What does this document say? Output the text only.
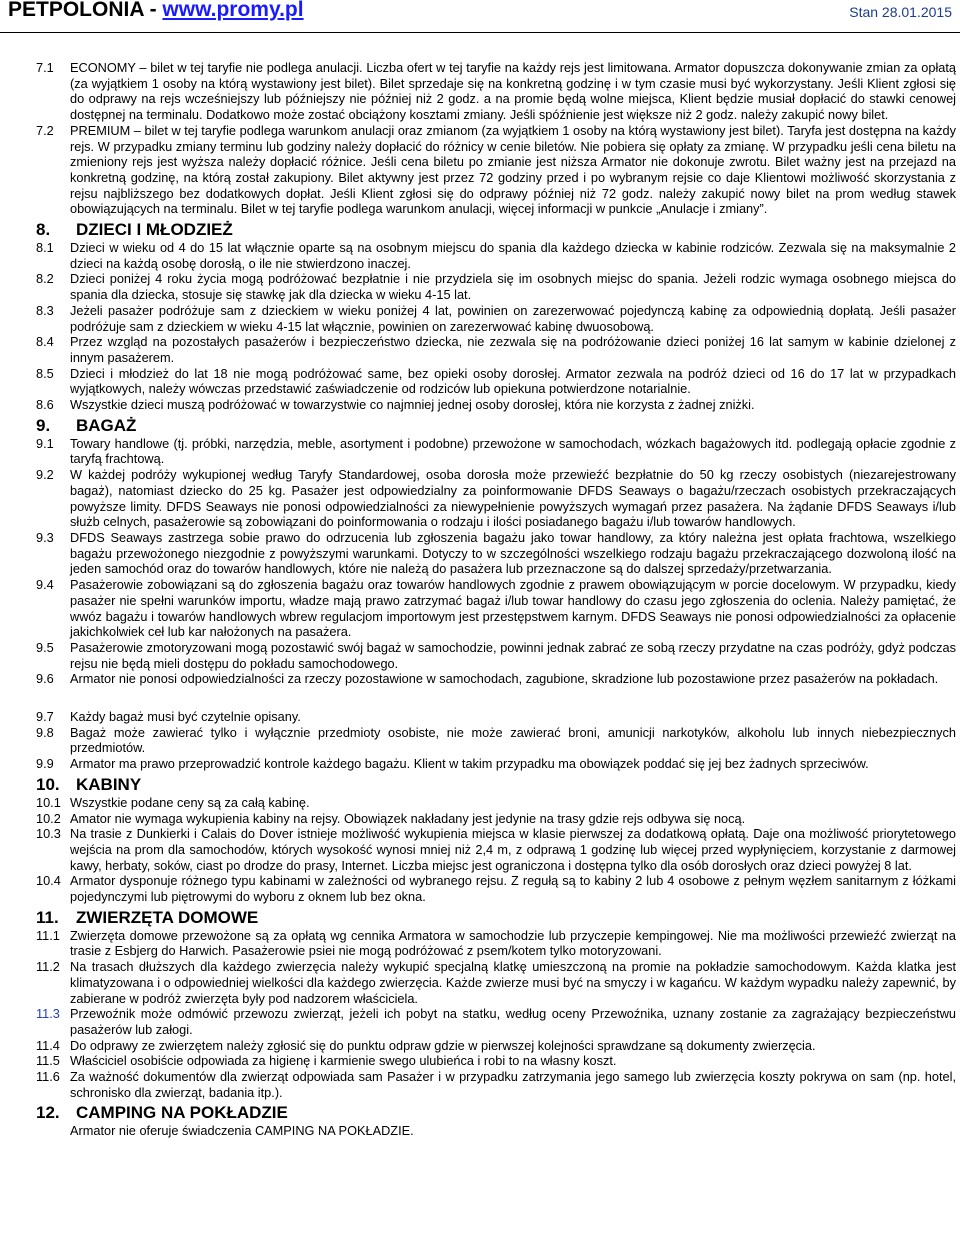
PETPOLONIA - www.promy.pl	Stan 28.01.2015
7.1	ECONOMY – bilet w tej taryfie nie podlega anulacji. Liczba ofert w tej taryfie na każdy rejs jest limitowana. Armator dopuszcza dokonywanie zmian za opłatą (za wyjątkiem 1 osoby na którą wystawiony jest bilet). Bilet sprzedaje się na konkretną godzinę i w tym czasie musi być wykorzystany. Jeśli Klient zgłosi się do odprawy na rejs wcześniejszy lub późniejszy nie później niż 2 godz. a na promie będą wolne miejsca, Klient będzie musiał dopłacić do stawki cenowej dostępnej na terminalu. Dodatkowo może zostać obciążony kosztami zmiany. Jeśli spóźnienie jest większe niż 2 godz. należy zakupić nowy bilet.
7.2	PREMIUM – bilet w tej taryfie podlega warunkom anulacji oraz zmianom (za wyjątkiem 1 osoby na którą wystawiony jest bilet). Taryfa jest dostępna na każdy rejs. W przypadku zmiany terminu lub godziny należy dopłacić do różnicy w cenie biletów. Nie pobiera się opłaty za zmianę. W przypadku jeśli cena biletu na zmieniony rejs jest wyższa należy dopłacić różnice. Jeśli cena biletu po zmianie jest niższa Armator nie dokonuje zwrotu. Bilet ważny jest na przejazd na konkretną godzinę, na którą został zakupiony. Bilet aktywny jest przez 72 godziny przed i po wybranym rejsie co daje Klientowi możliwość skorzystania z rejsu najbliższego bez dodatkowych dopłat. Jeśli Klient zgłosi się do odprawy później niż 72 godz. należy zakupić nowy bilet na prom według stawek obowiązujących na terminalu. Bilet w tej taryfie podlega warunkom anulacji, więcej informacji w punkcie „Anulacje i zmiany”.
8.	DZIECI I MŁODZIEŻ
8.1	Dzieci w wieku od 4 do 15 lat włącznie oparte są na osobnym miejscu do spania dla każdego dziecka w kabinie rodziców. Zezwala się na maksymalnie 2 dzieci na każdą osobę dorosłą, o ile nie stwierdzono inaczej.
8.2	Dzieci poniżej 4 roku życia mogą podróżować bezpłatnie i nie przydziela się im osobnych miejsc do spania. Jeżeli rodzic wymaga osobnego miejsca do spania dla dziecka, stosuje się stawkę jak dla dziecka w wieku 4-15 lat.
8.3	Jeżeli pasażer podróżuje sam z dzieckiem w wieku poniżej 4 lat, powinien on zarezerwować pojedynczą kabinę za odpowiednią dopłatą. Jeśli pasażer podróżuje sam z dzieckiem w wieku 4-15 lat włącznie, powinien on zarezerwować kabinę dwuosobową.
8.4	Przez wzgląd na pozostałych pasażerów i bezpieczeństwo dziecka, nie zezwala się na podróżowanie dzieci poniżej 16 lat samym w kabinie dzielonej z innym pasażerem.
8.5	Dzieci i młodzież do lat 18 nie mogą podróżować same, bez opieki osoby dorosłej. Armator zezwala na podróż dzieci od 16 do 17 lat w przypadkach wyjątkowych, należy wówczas przedstawić zaświadczenie od rodziców lub opiekuna potwierdzone notarialnie.
8.6	Wszystkie dzieci muszą podróżować w towarzystwie co najmniej jednej osoby dorosłej, która nie korzysta z żadnej zniżki.
9.	BAGAŻ
9.1	Towary handlowe (tj. próbki, narzędzia, meble, asortyment i podobne) przewożone w samochodach, wózkach bagażowych itd. podlegają opłacie zgodnie z taryfą frachtową.
9.2	W każdej podróży wykupionej według Taryfy Standardowej, osoba dorosła może przewieźć bezpłatnie do 50 kg rzeczy osobistych (niezarejestrowany bagaż), natomiast dziecko do 25 kg. Pasażer jest odpowiedzialny za poinformowanie DFDS Seaways o bagażu/rzeczach osobistych przekraczających powyższe limity. DFDS Seaways nie ponosi odpowiedzialności za niewypełnienie powyższych wymagań przez pasażera. Na żądanie DFDS Seaways i/lub służb celnych, pasażerowie są zobowiązani do poinformowania o rodzaju i ilości posiadanego bagażu i/lub towarów handlowych.
9.3	DFDS Seaways zastrzega sobie prawo do odrzucenia lub zgłoszenia bagażu jako towar handlowy, za który należna jest opłata frachtowa, wszelkiego bagażu przewożonego niezgodnie z powyższymi warunkami. Dotyczy to w szczególności wszelkiego rodzaju bagażu przekraczającego dozwoloną ilość na jeden samochód oraz do towarów handlowych, które nie należą do pasażera lub przeznaczone są do dalszej sprzedaży/przetwarzania.
9.4	Pasażerowie zobowiązani są do zgłoszenia bagażu oraz towarów handlowych zgodnie z prawem obowiązującym w porcie docelowym. W przypadku, kiedy pasażer nie spełni warunków importu, władze mają prawo zatrzymać bagaż i/lub towar handlowy do czasu jego zgłoszenia do oclenia. Należy pamiętać, że wwóz bagażu i towarów handlowych wbrew regulacjom importowym jest przestępstwem karnym. DFDS Seaways nie ponosi odpowiedzialności za opłacenie jakichkolwiek ceł lub kar nałożonych na pasażera.
9.5	Pasażerowie zmotoryzowani mogą pozostawić swój bagaż w samochodzie, powinni jednak zabrać ze sobą rzeczy przydatne na czas podróży, gdyż podczas rejsu nie będą mieli dostępu do pokładu samochodowego.
9.6	Armator nie ponosi odpowiedzialności za rzeczy pozostawione w samochodach, zagubione, skradzione lub pozostawione przez pasażerów na pokładach.
9.7	Każdy bagaż musi być czytelnie opisany.
9.8	Bagaż może zawierać tylko i wyłącznie przedmioty osobiste, nie może zawierać broni, amunicji narkotyków, alkoholu lub innych niebezpiecznych przedmiotów.
9.9	Armator ma prawo przeprowadzić kontrole każdego bagażu. Klient w takim przypadku ma obowiązek poddać się jej bez żadnych sprzeciwów.
10. KABINY
10.1 Wszystkie podane ceny są za całą kabinę.
10.2 Amator nie wymaga wykupienia kabiny na rejsy. Obowiązek nakładany jest jedynie na trasy gdzie rejs odbywa się nocą.
10.3 Na trasie z Dunkierki i Calais do Dover istnieje możliwość wykupienia miejsca w klasie pierwszej za dodatkową opłatą. Daje ona możliwość priorytetowego wejścia na prom dla samochodów, których wysokość wynosi mniej niż 2,4 m, z odprawą 1 godzinę lub więcej przed wypłynięciem, korzystanie z darmowej kawy, herbaty, soków, ciast po drodze do prasy, Internet. Liczba miejsc jest ograniczona i dostępna tylko dla osób dorosłych oraz dzieci powyżej 8 lat.
10.4 Armator dysponuje różnego typu kabinami w zależności od wybranego rejsu. Z regułą są to kabiny 2 lub 4 osobowe z pełnym węzłem sanitarnym z łóżkami pojedynczymi lub piętrowymi do wyboru z oknem lub bez okna.
11.	ZWIERZĘTA DOMOWE
11.1 Zwierzęta domowe przewożone są za opłatą wg cennika Armatora w samochodzie lub przyczepie kempingowej. Nie ma możliwości przewieźć zwierząt na trasie z Esbjerg do Harwich. Pasażerowie psiei nie mogą podróżować z psem/kotem tylko motoryzowani.
11.2 Na trasach dłuższych dla każdego zwierzęcia należy wykupić specjalną klatkę umieszczoną na promie na pokładzie samochodowym. Każda klatka jest klimatyzowana i o odpowiedniej wielkości dla każdego zwierzęcia. Każde zwierze musi być na smyczy i w kagańcu. W każdym wypadku należy zapewnić, by zabierane w podróż zwierzęta były pod nadzorem właściciela.
11.3 Przewoźnik może odmówić przewozu zwierząt, jeżeli ich pobyt na statku, według oceny Przewoźnika, uznany zostanie za zagrażający bezpieczeństwu pasażerów lub załogi.
11.4 Do odprawy ze zwierzętem należy zgłosić się do punktu odpraw gdzie w pierwszej kolejności sprawdzane są dokumenty zwierzęcia.
11.5 Właściciel osobiście odpowiada za higienę i karmienie swego ulubieńca i robi to na własny koszt.
11.6 Za ważność dokumentów dla zwierząt odpowiada sam Pasażer i w przypadku zatrzymania jego samego lub zwierzęcia koszty pokrywa on sam (np. hotel, schronisko dla zwierząt, badania itp.).
12. CAMPING NA POKŁADZIE
Armator nie oferuje świadczenia CAMPING NA POKŁADZIE.
